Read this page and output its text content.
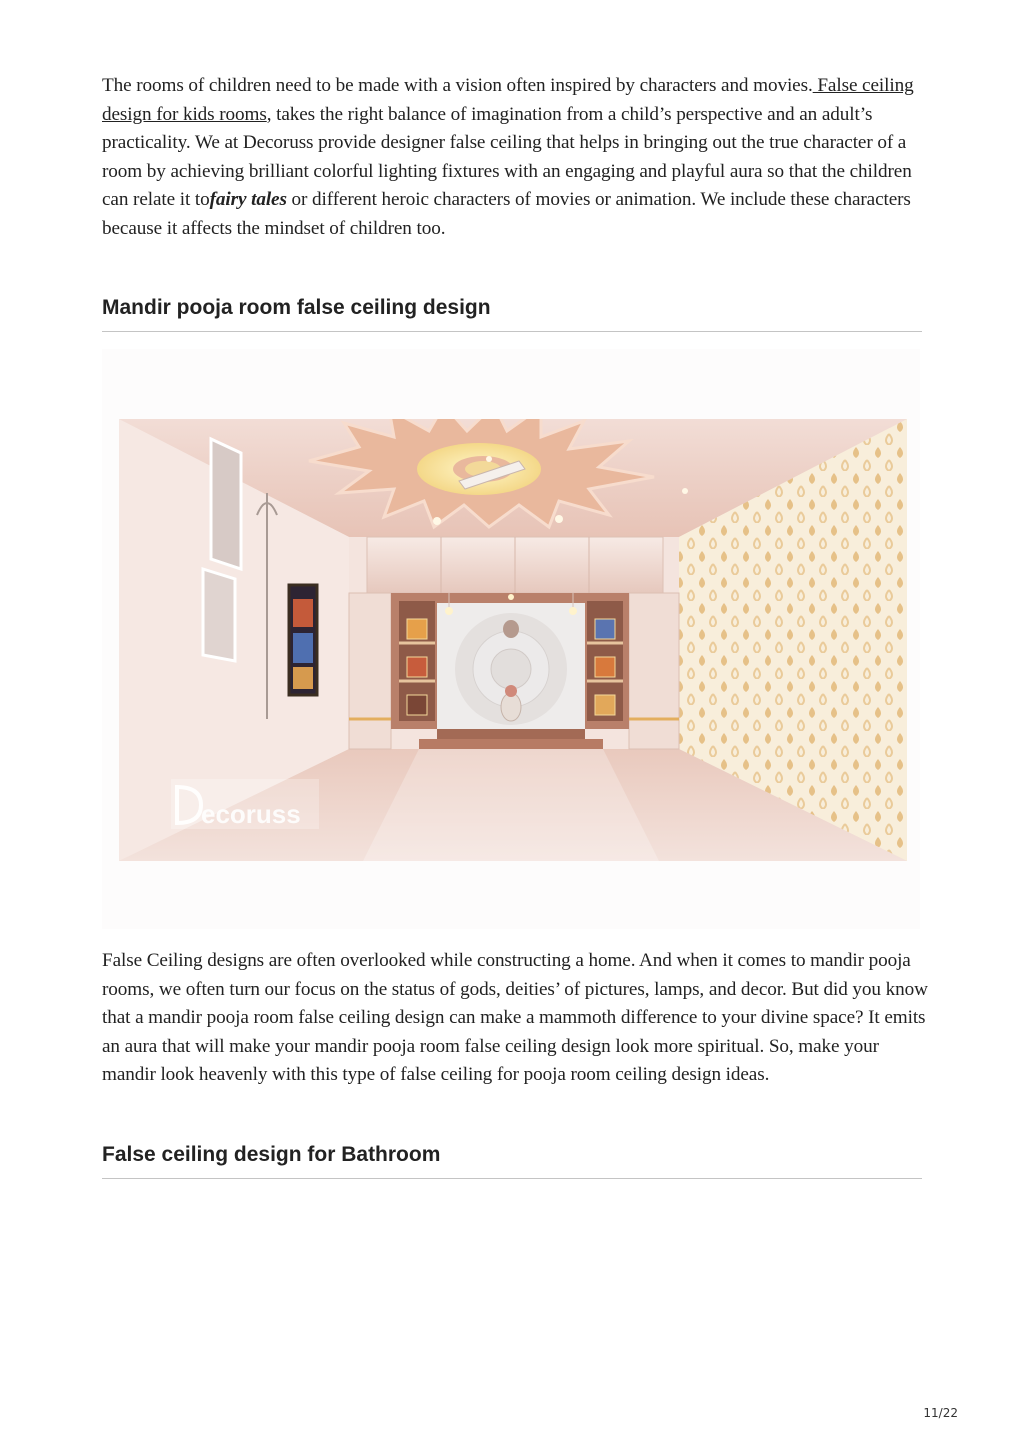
The rooms of children need to be made with a vision often inspired by characters and movies. False ceiling design for kids rooms, takes the right balance of imagination from a child’s perspective and an adult’s practicality. We at Decoruss provide designer false ceiling that helps in bringing out the true character of a room by achieving brilliant colorful lighting fixtures with an engaging and playful aura so that the children can relate it tofairy tales or different heroic characters of movies or animation. We include these characters because it affects the mindset of children too.

Mandir pooja room false ceiling design
ecoruss

False Ceiling designs are often overlooked while constructing a home. And when it comes to mandir pooja rooms, we often turn our focus on the status of gods, deities’ of pictures, lamps, and decor. But did you know that a mandir pooja room false ceiling design can make a mammoth difference to your divine space? It emits an aura that will make your mandir pooja room false ceiling design look more spiritual. So, make your mandir look heavenly with this type of false ceiling for pooja room ceiling design ideas.

False ceiling design for Bathroom
11/22
